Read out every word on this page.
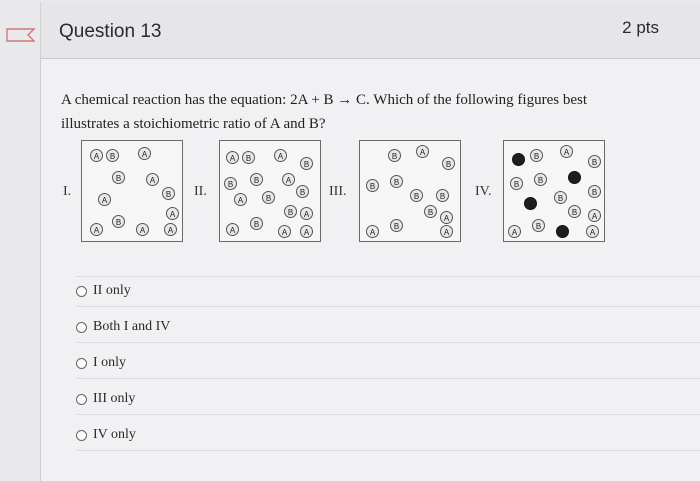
Question 13	2 pts
A chemical reaction has the equation: 2A + B → C. Which of the following figures best
illustrates a stoichiometric ratio of A and B?
I.	II.	III.	IV.
A	B	A
B	A
A
B
A
A
B
A	A
A	B	A
B
B	B	A
A	B
B
B	A
A
B
A	A
B	A
B
B	B
B	B
B
A
A
B
A
B	A
B
B	B
B
B
B	A
A
B
A
II only
Both I and IV
I only
III only
IV only
